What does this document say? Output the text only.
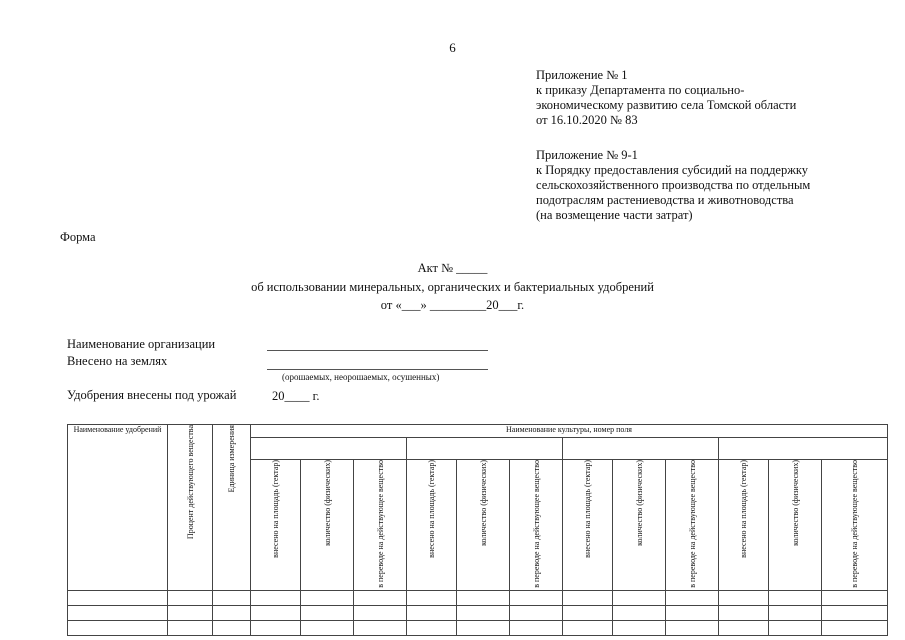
6
Приложение № 1
к приказу Департамента по социально-
экономическому развитию села Томской области
от 16.10.2020 № 83
Приложение № 9-1
к Порядку предоставления субсидий на поддержку
сельскохозяйственного производства по отдельным
подотраслям растениеводства и животноводства
(на возмещение части затрат)
Форма
Акт № _____
об использовании минеральных, органических и бактериальных удобрений
от «___» _________20___г.
Наименование организации
Внесено на землях
(орошаемых, неорошаемых, осушенных)
Удобрения внесены под урожай	20____ г.
Наименование удобрений	Процент действующего вещества	Единица измерения	Наименование культуры, номер поля											

			внесено на площадь (гектар)	количество (физических)	в переводе на действующее вещество	внесено на площадь (гектар)	количество (физических)	в переводе на действующее вещество	внесено на площадь (гектар)	количество (физических)	в переводе на действующее вещество	внесено на площадь (гектар)	количество (физических)	в переводе на действующее вещество
